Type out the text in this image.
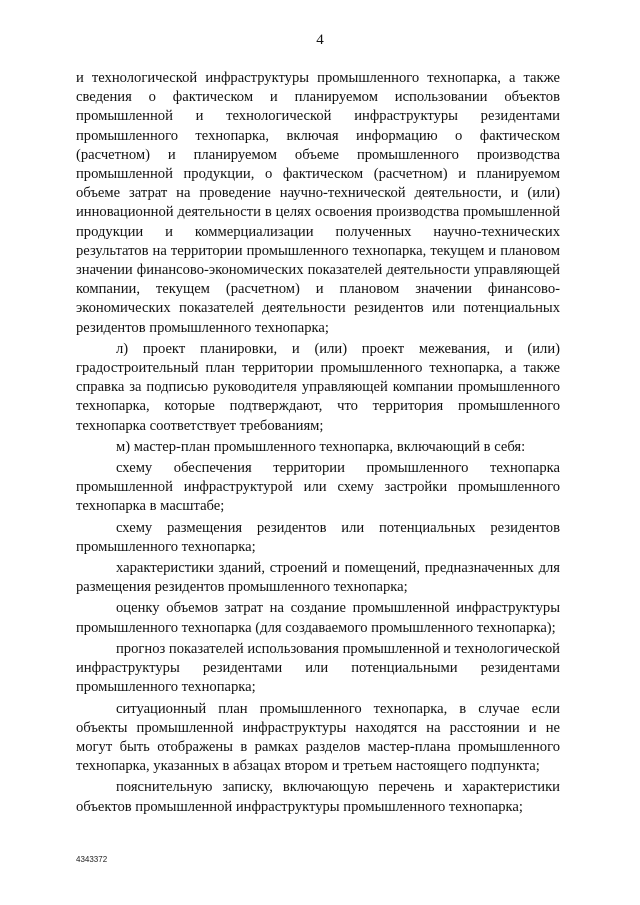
4

и технологической инфраструктуры промышленного технопарка, а также сведения о фактическом и планируемом использовании объектов промышленной и технологической инфраструктуры резидентами промышленного технопарка, включая информацию о фактическом (расчетном) и планируемом объеме промышленного производства промышленной продукции, о фактическом (расчетном) и планируемом объеме затрат на проведение научно-технической деятельности, и (или) инновационной деятельности в целях освоения производства промышленной продукции и коммерциализации полученных научно-технических результатов на территории промышленного технопарка, текущем и плановом значении финансово-экономических показателей деятельности управляющей компании, текущем (расчетном) и плановом значении финансово-экономических показателей деятельности резидентов или потенциальных резидентов промышленного технопарка;

л) проект планировки, и (или) проект межевания, и (или) градостроительный план территории промышленного технопарка, а также справка за подписью руководителя управляющей компании промышленного технопарка, которые подтверждают, что территория промышленного технопарка соответствует требованиям;

м) мастер-план промышленного технопарка, включающий в себя:

схему обеспечения территории промышленного технопарка промышленной инфраструктурой или схему застройки промышленного технопарка в масштабе;

схему размещения резидентов или потенциальных резидентов промышленного технопарка;

характеристики зданий, строений и помещений, предназначенных для размещения резидентов промышленного технопарка;

оценку объемов затрат на создание промышленной инфраструктуры промышленного технопарка (для создаваемого промышленного технопарка);

прогноз показателей использования промышленной и технологической инфраструктуры резидентами или потенциальными резидентами промышленного технопарка;

ситуационный план промышленного технопарка, в случае если объекты промышленной инфраструктуры находятся на расстоянии и не могут быть отображены в рамках разделов мастер-плана промышленного технопарка, указанных в абзацах втором и третьем настоящего подпункта;

пояснительную записку, включающую перечень и характеристики объектов промышленной инфраструктуры промышленного технопарка;

4343372
